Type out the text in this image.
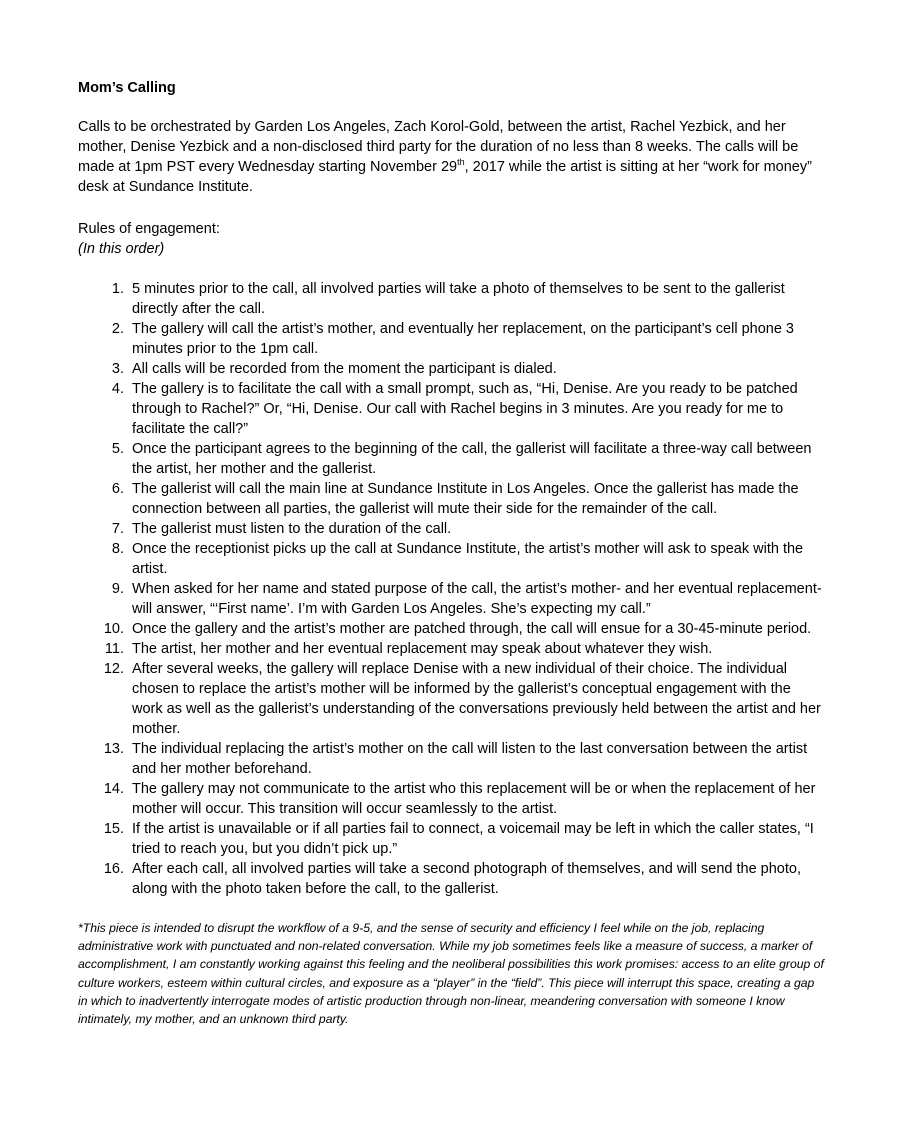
Mom’s Calling

Calls to be orchestrated by Garden Los Angeles, Zach Korol-Gold, between the artist, Rachel Yezbick, and her mother, Denise Yezbick and a non-disclosed third party for the duration of no less than 8 weeks. The calls will be made at 1pm PST every Wednesday starting November 29th, 2017 while the artist is sitting at her “work for money” desk at Sundance Institute.

Rules of engagement:
(In this order)
1. 5 minutes prior to the call, all involved parties will take a photo of themselves to be sent to the gallerist directly after the call.
2. The gallery will call the artist’s mother, and eventually her replacement, on the participant’s cell phone 3 minutes prior to the 1pm call.
3. All calls will be recorded from the moment the participant is dialed.
4. The gallery is to facilitate the call with a small prompt, such as, “Hi, Denise. Are you ready to be patched through to Rachel?” Or, “Hi, Denise. Our call with Rachel begins in 3 minutes. Are you ready for me to facilitate the call?”
5. Once the participant agrees to the beginning of the call, the gallerist will facilitate a three-way call between the artist, her mother and the gallerist.
6. The gallerist will call the main line at Sundance Institute in Los Angeles. Once the gallerist has made the connection between all parties, the gallerist will mute their side for the remainder of the call.
7. The gallerist must listen to the duration of the call.
8. Once the receptionist picks up the call at Sundance Institute, the artist’s mother will ask to speak with the artist.
9. When asked for her name and stated purpose of the call, the artist’s mother- and her eventual replacement- will answer, “‘First name’. I’m with Garden Los Angeles. She’s expecting my call.”
10. Once the gallery and the artist’s mother are patched through, the call will ensue for a 30-45-minute period.
11. The artist, her mother and her eventual replacement may speak about whatever they wish.
12. After several weeks, the gallery will replace Denise with a new individual of their choice. The individual chosen to replace the artist’s mother will be informed by the gallerist’s conceptual engagement with the work as well as the gallerist’s understanding of the conversations previously held between the artist and her mother.
13. The individual replacing the artist’s mother on the call will listen to the last conversation between the artist and her mother beforehand.
14. The gallery may not communicate to the artist who this replacement will be or when the replacement of her mother will occur. This transition will occur seamlessly to the artist.
15. If the artist is unavailable or if all parties fail to connect, a voicemail may be left in which the caller states, “I tried to reach you, but you didn’t pick up.”
16. After each call, all involved parties will take a second photograph of themselves, and will send the photo, along with the photo taken before the call, to the gallerist.

*This piece is intended to disrupt the workflow of a 9-5, and the sense of security and efficiency I feel while on the job, replacing administrative work with punctuated and non-related conversation. While my job sometimes feels like a measure of success, a marker of accomplishment, I am constantly working against this feeling and the neoliberal possibilities this work promises: access to an elite group of culture workers, esteem within cultural circles, and exposure as a “player” in the “field”. This piece will interrupt this space, creating a gap in which to inadvertently interrogate modes of artistic production through non-linear, meandering conversation with someone I know intimately, my mother, and an unknown third party.
